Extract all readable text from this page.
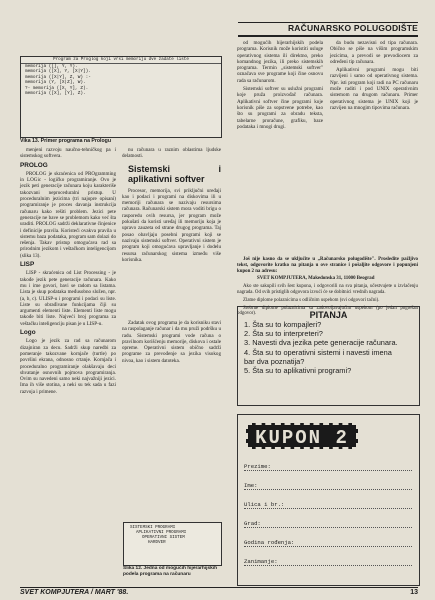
RAČUNARSKO POLUGODIŠTE
Program za Proglog koji vrsi memoriju dve zadate liste
memorija ([], Y, Y).
memorija ([X], Y, [X|Y]).
memorija ([X|Y], Z, W) :-
memorija (Y, [X|Z], W).
?- memorija ([X, Y], Z).
memorija ([X], [Y], Z).
Vika 13. Primer programa na Prologu

menjeni razvoju naučno-tehničkog pa i sistemskog softvera.

PROLOG

PROLOG je skraćenica od PROgramming in LOGic - logičko programiranje. Ovo je jezik peti generacije računara koju karakteriše takozvani neproceduralni pristup. U proceduralnim jezicima (tri najopre opisani) programiranje je proces davanja instrukcija računaru kako rešiti problem. Jezici pete generacije ne bave se problemom kako već šta uraditi. PROLOG sadrži deklarativne činjenice i definicije pravila. Koristeći ovakva pravila u sistemu baza podataka, program sam dolazi do rešenja. Takav pristup omogućava rad sa prirodnim jezikom i veštačkom inteligencijom (slika 13).

LISP

LISP - skraćenica od List Processing - je takođe jezik pete generacije računara. Kako mu i ime govori, bavi se radom sa listama. Lista je skup podataka međusobno složen, npr. (a, b, c). ULISP-u i programi i podaci su liste. Liste su obrađivane funkcijama čiji su argumenti elementi liste. Elementi liste mogu takođe biti liste. Najveći broj programa za veštačku inteligenciju pisan je u LISP-u.

Logo

Logo je jezik za rad sa računarom dizajniran za decu. Sadrži skup naredbi za pomeranje takozvane kornjače (turtle) po površini ekrana, odnosno crtanje. Kornjača i proceduralno programiranje olakšavaju deci shvatanje osnovnih pojmova programiranja. Ovim su navedeni samo neki najvažniji jezici. Ima ih više stotina, a neki su tek sada u fazi razvoja i primene.

nu računara u raznim oblastima ljudske delatnosti.

Sistemski i aplikativni softver

Procesor, memorija, svi priključni uređaji kao i podaci i programi na diskovima ili u memoriji računara se nazivaju resursima računara. Računarski sistem mora voditi brigu o rasporedu ovih resursa, jer program može pokušati da koristi uređaj ili memoriju koja je upravo zauzeta od strane drugog programa. Taj posao obavljaju posebni programi koji se nazivaju sistemski softver. Operativni sistem je program koji omogućava upravljanje i dodelu resursa računarskog sistema između više korisnika.

Zadatak ovog programa je da korisniku stavi na raspolaganje računar i da mu pruži podršku u radu. Sistemski programi vode računa o pravilnom korišćenju memorije, diskova i ostale opreme. Operativni sistem obično sadrži programe za prevođenje sa jezika visokog nivoa, kao i sistem datoteka.

SISTEMSKI PROGRAMI
APLIKATIVNI PROGRAMI
OPERATIVNI SISTEM
HARDVER
Slika 12. Jedna od mogućih hijerarhijskih podela programa na računaru

od mogućih hijerarhijskih podela programa. Korisnik može koristiti usluge operativnog sistema ili direktno, preko komandnog jezika, ili preko sistemskih programa. Termin „sistemski softver" označava sve programe koji čine osnovu rada sa računarom.

Sistemski softver su uslužni programi koje pruža proizvođač računara. Aplikativni softver čine programi koje korisnik piše za sopstvene potrebe, kao što su programi za obradu teksta, tabelarne proračune, grafiku, baze podataka i mnogi drugi.

da budu nezavisni od tipa računara. Obično se piše na višim programskim jezicima, a prevodi se prevodiocem za određeni tip računara.

Aplikativni programi mogu biti razvijeni i samo od operativnog sistema. Npr. isti program koji radi na PC računaru može raditi i pod UNIX operativnim sistemom na drugom računaru. Primer operativnog sistema je UNIX koji je razvijen na mnogim tipovima računara.

Još nije kasno da se uključite u „Računarsko polugodište". Prosledite pažljivo tekst, odgovorite kratko na pitanja u ove stranice i pošaljite odgovore i popunjeni kupon 2 na adresu:

SVET KOMPJUTERA, Makedonska 31, 11000 Beograd

Ako ste sakupili svih šest kupona, i odgovorili na sva pitanja, učestvujete u izvlačenju nagrada. Od svih pristiglih odgovora izvući će se dobitnici vrednih nagrada.

Zlatne diplome polaznicima s odličnim uspehom (svi odgovori tačni).

Srebrne diplome polaznicima sa zadovoljavajućim uspehom (po jedan pogrešan odgovor).	PITANJA
1. Šta su to kompajleri?
2. Šta su to interpreteri?
3. Navesti dva jezika pete generacije računara.
4. Šta su to operativni sistemi i navesti imena
bar dva poznatija?
5. Šta su to aplikativni programi?
KUPON 2
Prezime:
Ime:
Ulica i br.:
Grad:
Godina rođenja:
Zanimanje:
SVET KOMPJUTERA / MART '88.	13
